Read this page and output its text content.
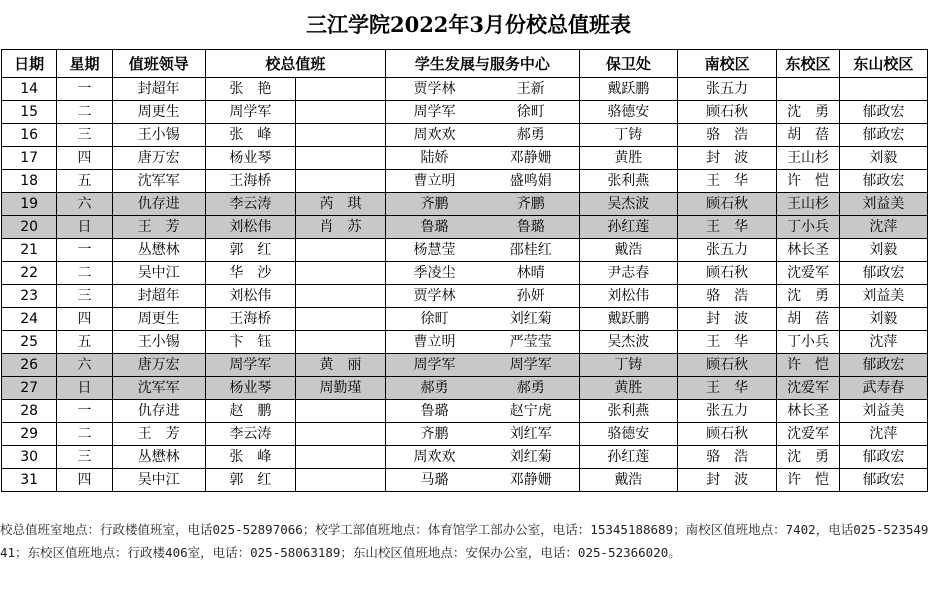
三江学院2022年3月份校总值班表
日期	星期	值班领导	校总值班		学生发展与服务中心		保卫处	南校区	东校区	东山校区
14	一	封超年	张　艳		贾学林	王新	戴跃鹏	张五力		
15	二	周更生	周学军		周学军	徐町	骆德安	顾石秋	沈　勇	郁政宏
16	三	王小锡	张　峰		周欢欢	郝勇	丁铸	骆　浩	胡　蓓	郁政宏
17	四	唐万宏	杨业琴		陆娇	邓静姗	黄胜	封　波	王山杉	刘毅
18	五	沈军军	王海桥		曹立明	盛鸣娟	张利燕	王　华	许　恺	郁政宏
19	六	仇存进	李云涛	芮　琪	齐鹏	齐鹏	吴杰波	顾石秋	王山杉	刘益美
20	日	王　芳	刘松伟	肖　苏	鲁璐	鲁璐	孙红莲	王　华	丁小兵	沈萍
21	一	丛懋林	郭　红		杨慧莹	邵桂红	戴浩	张五力	林长圣	刘毅
22	二	吴中江	华　沙		季凌尘	林晴	尹志春	顾石秋	沈爱军	郁政宏
23	三	封超年	刘松伟		贾学林	孙妍	刘松伟	骆　浩	沈　勇	刘益美
24	四	周更生	王海桥		徐町	刘红菊	戴跃鹏	封　波	胡　蓓	刘毅
25	五	王小锡	卞　钰		曹立明	严莹莹	吴杰波	王　华	丁小兵	沈萍
26	六	唐万宏	周学军	黄　丽	周学军	周学军	丁铸	顾石秋	许　恺	郁政宏
27	日	沈军军	杨业琴	周勤瑾	郝勇	郝勇	黄胜	王　华	沈爱军	武寿春
28	一	仇存进	赵　鹏		鲁璐	赵宁虎	张利燕	张五力	林长圣	刘益美
29	二	王　芳	李云涛		齐鹏	刘红军	骆德安	顾石秋	沈爱军	沈萍
30	三	丛懋林	张　峰		周欢欢	刘红菊	孙红莲	骆　浩	沈　勇	郁政宏
31	四	吴中江	郭　红		马璐	邓静姗	戴浩	封　波	许　恺	郁政宏
校总值班室地点：行政楼值班室，电话025-52897066；校学工部值班地点：体育馆学工部办公室，电话：15345188689；南校区值班地点：7402，电话025-52354941；东校区值班地点：行政楼406室，电话：025-58063189；东山校区值班地点：安保办公室，电话：025-52366020。
